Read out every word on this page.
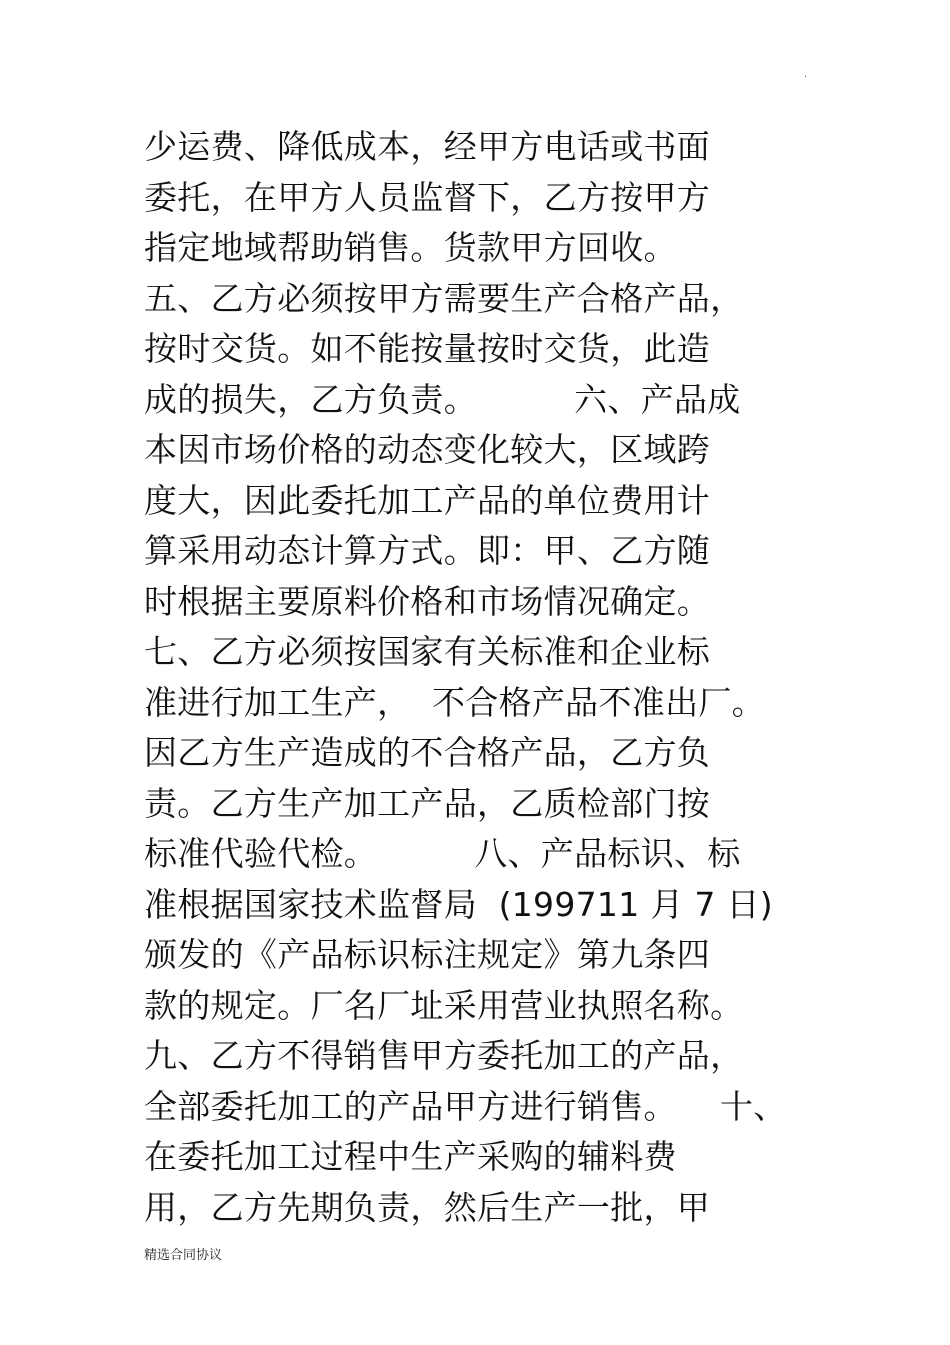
.
少运费、降低成本，经甲方电话或书面
委托，在甲方人员监督下，乙方按甲方
指定地域帮助销售。货款甲方回收。
五、乙方必须按甲方需要生产合格产品，
按时交货。如不能按量按时交货，此造
成的损失，乙方负责。         六、产品成
本因市场价格的动态变化较大，区域跨
度大，因此委托加工产品的单位费用计
算采用动态计算方式。即：甲、乙方随
时根据主要原料价格和市场情况确定。
七、乙方必须按国家有关标准和企业标
准进行加工生产，  不合格产品不准出厂。
因乙方生产造成的不合格产品，乙方负
责。乙方生产加工产品，乙质检部门按
标准代验代检。         八、产品标识、标
准根据国家技术监督局  (199711 月 7 日)
颁发的《产品标识标注规定》第九条四
款的规定。厂名厂址采用营业执照名称。
九、乙方不得销售甲方委托加工的产品，
全部委托加工的产品甲方进行销售。    十、
在委托加工过程中生产采购的辅料费
用，乙方先期负责，然后生产一批，甲
精选合同协议
